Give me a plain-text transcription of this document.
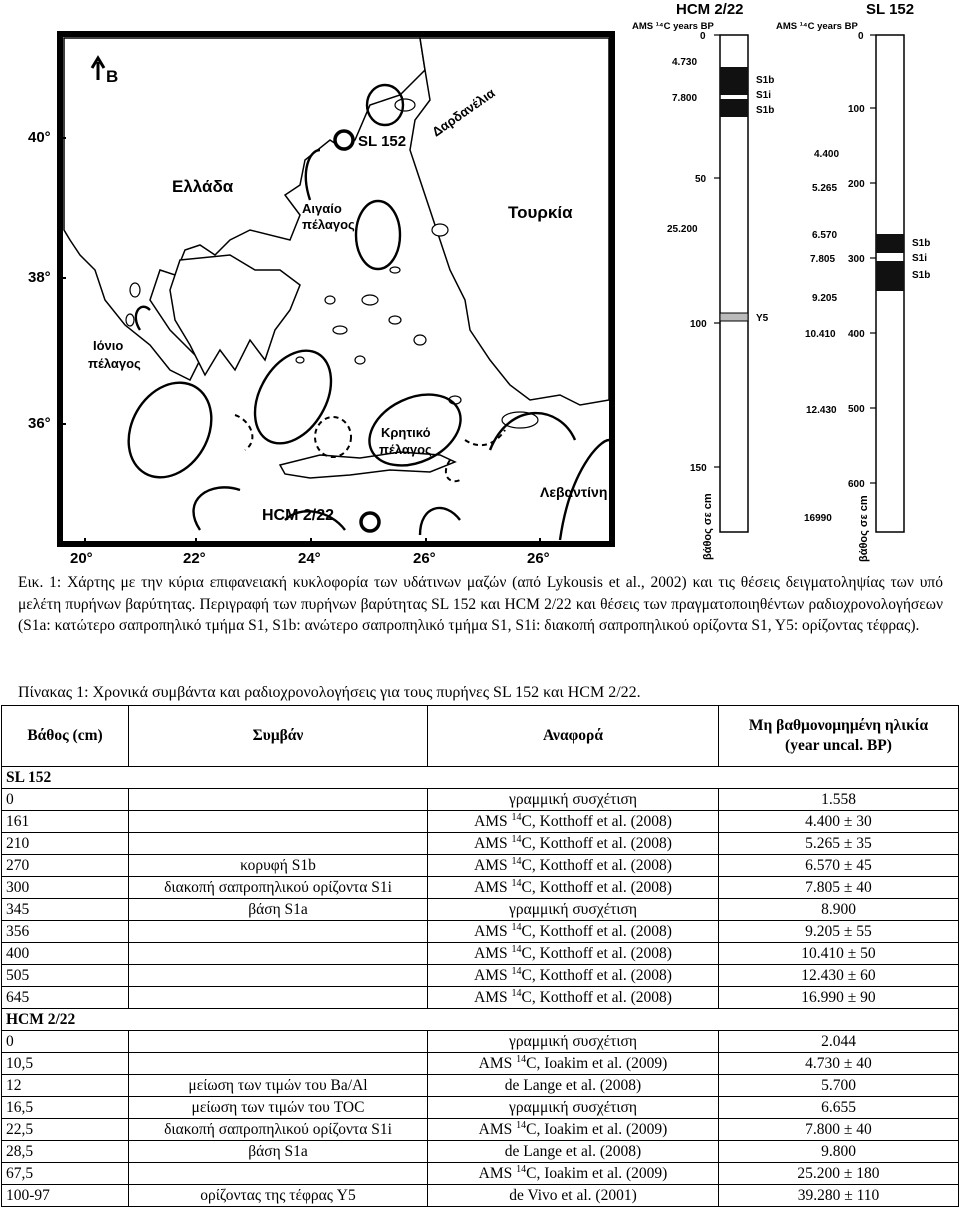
B
Ελλάδα
Τουρκία
Αιγαίο πέλαγος
Ιόνιο πέλαγος
Κρητικό πέλαγος
Λεβαντίνη
Δαρδανέλια
SL 152
HCM 2/22
40°
38°
36°
20°	22°	24°	26°	26°
HCM 2/22
AMS ¹⁴C years BP
0
50
100
150
4.730
7.800
25.200
S1b
S1i
S1b
Y5
βάθος σε cm
SL 152
AMS ¹⁴C years BP
0
100
200
300
400
500
600
4.400
5.265
6.570
7.805
9.205
10.410
12.430
16990
S1b
S1i
S1b
βάθος σε cm
Εικ. 1: Χάρτης με την κύρια επιφανειακή κυκλοφορία των υδάτινων μαζών (από Lykousis et al., 2002) και τις θέσεις δειγματοληψίας των υπό μελέτη πυρήνων βαρύτητας. Περιγραφή των πυρήνων βαρύτητας SL 152 και HCM 2/22 και θέσεις των πραγματοποιηθέντων ραδιοχρονολογήσεων (S1a: κατώτερο σαπροπηλικό τμήμα S1, S1b: ανώτερο σαπροπηλικό τμήμα S1, S1i: διακοπή σαπροπηλικού ορίζοντα S1, Y5: ορίζοντας τέφρας).
Πίνακας 1: Χρονικά συμβάντα και ραδιοχρονολογήσεις για τους πυρήνες SL 152 και HCM 2/22.
Βάθος (cm)	Συμβάν	Αναφορά	Μη βαθμονομημένη ηλικία
(year uncal. BP)
SL 152			
0		γραμμική συσχέτιση	1.558
161		AMS $^{14}$C, Kotthoff et al. (2008)	4.400 ± 30
210		AMS $^{14}$C, Kotthoff et al. (2008)	5.265 ± 35
270	κορυφή S1b	AMS $^{14}$C, Kotthoff et al. (2008)	6.570 ± 45
300	διακοπή σαπροπηλικού ορίζοντα S1i	AMS $^{14}$C, Kotthoff et al. (2008)	7.805 ± 40
345	βάση S1a	γραμμική συσχέτιση	8.900
356		AMS $^{14}$C, Kotthoff et al. (2008)	9.205 ± 55
400		AMS $^{14}$C, Kotthoff et al. (2008)	10.410 ± 50
505		AMS $^{14}$C, Kotthoff et al. (2008)	12.430 ± 60
645		AMS $^{14}$C, Kotthoff et al. (2008)	16.990 ± 90
HCM 2/22			
0		γραμμική συσχέτιση	2.044
10,5		AMS $^{14}$C, Ioakim et al. (2009)	4.730 ± 40
12	μείωση των τιμών του Ba/Al	de Lange et al. (2008)	5.700
16,5	μείωση των τιμών του TOC	γραμμική συσχέτιση	6.655
22,5	διακοπή σαπροπηλικού ορίζοντα S1i	AMS $^{14}$C, Ioakim et al. (2009)	7.800 ± 40
28,5	βάση S1a	de Lange et al. (2008)	9.800
67,5		AMS $^{14}$C, Ioakim et al. (2009)	25.200 ± 180
100-97	ορίζοντας της τέφρας Y5	de Vivo et al. (2001)	39.280 ± 110
